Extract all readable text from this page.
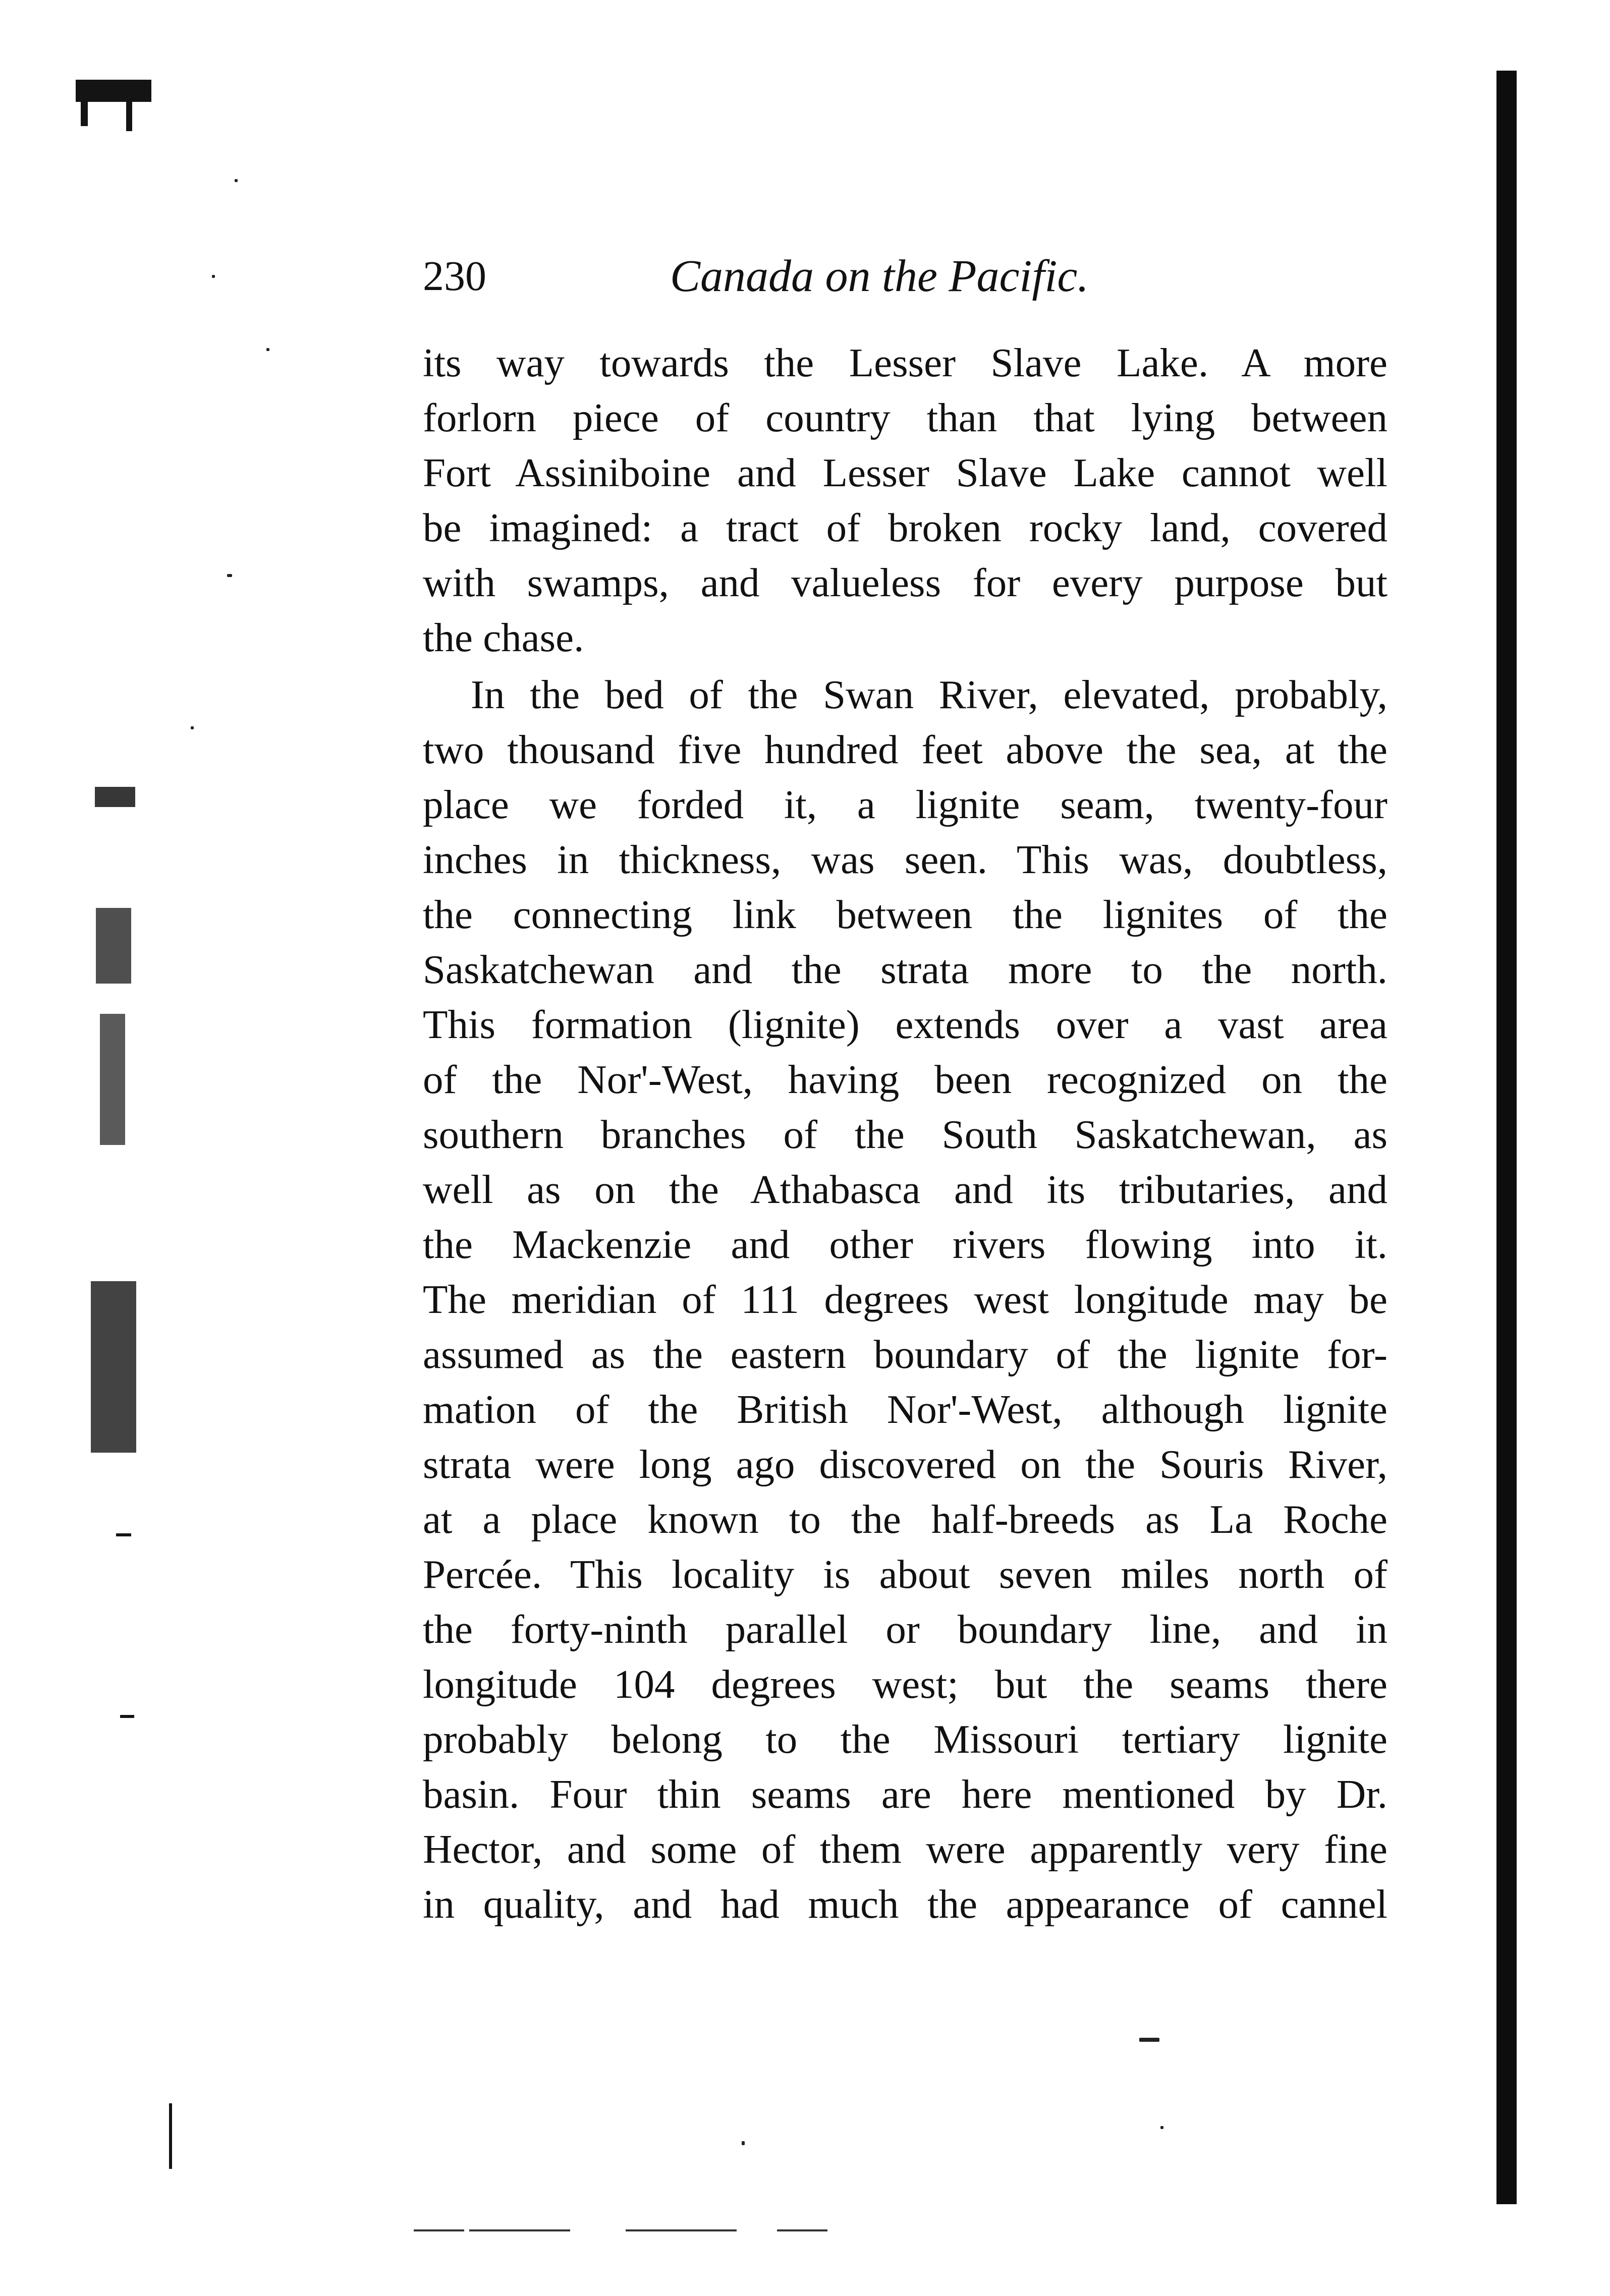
230	Canada on the Pacific.
its way towards the Lesser Slave Lake. A more
forlorn piece of country than that lying between
Fort Assiniboine and Lesser Slave Lake cannot well
be imagined: a tract of broken rocky land, covered
with swamps, and valueless for every purpose but
the chase.
In the bed of the Swan River, elevated, probably,
two thousand five hundred feet above the sea, at the
place we forded it, a lignite seam, twenty-four
inches in thickness, was seen. This was, doubtless,
the connecting link between the lignites of the
Saskatchewan and the strata more to the north.
This formation (lignite) extends over a vast area
of the Nor'-West, having been recognized on the
southern branches of the South Saskatchewan, as
well as on the Athabasca and its tributaries, and
the Mackenzie and other rivers flowing into it.
The meridian of 111 degrees west longitude may be
assumed as the eastern boundary of the lignite for-
mation of the British Nor'-West, although lignite
strata were long ago discovered on the Souris River,
at a place known to the half-breeds as La Roche
Percée. This locality is about seven miles north of
the forty-ninth parallel or boundary line, and in
longitude 104 degrees west; but the seams there
probably belong to the Missouri tertiary lignite
basin. Four thin seams are here mentioned by Dr.
Hector, and some of them were apparently very fine
in quality, and had much the appearance of cannel
